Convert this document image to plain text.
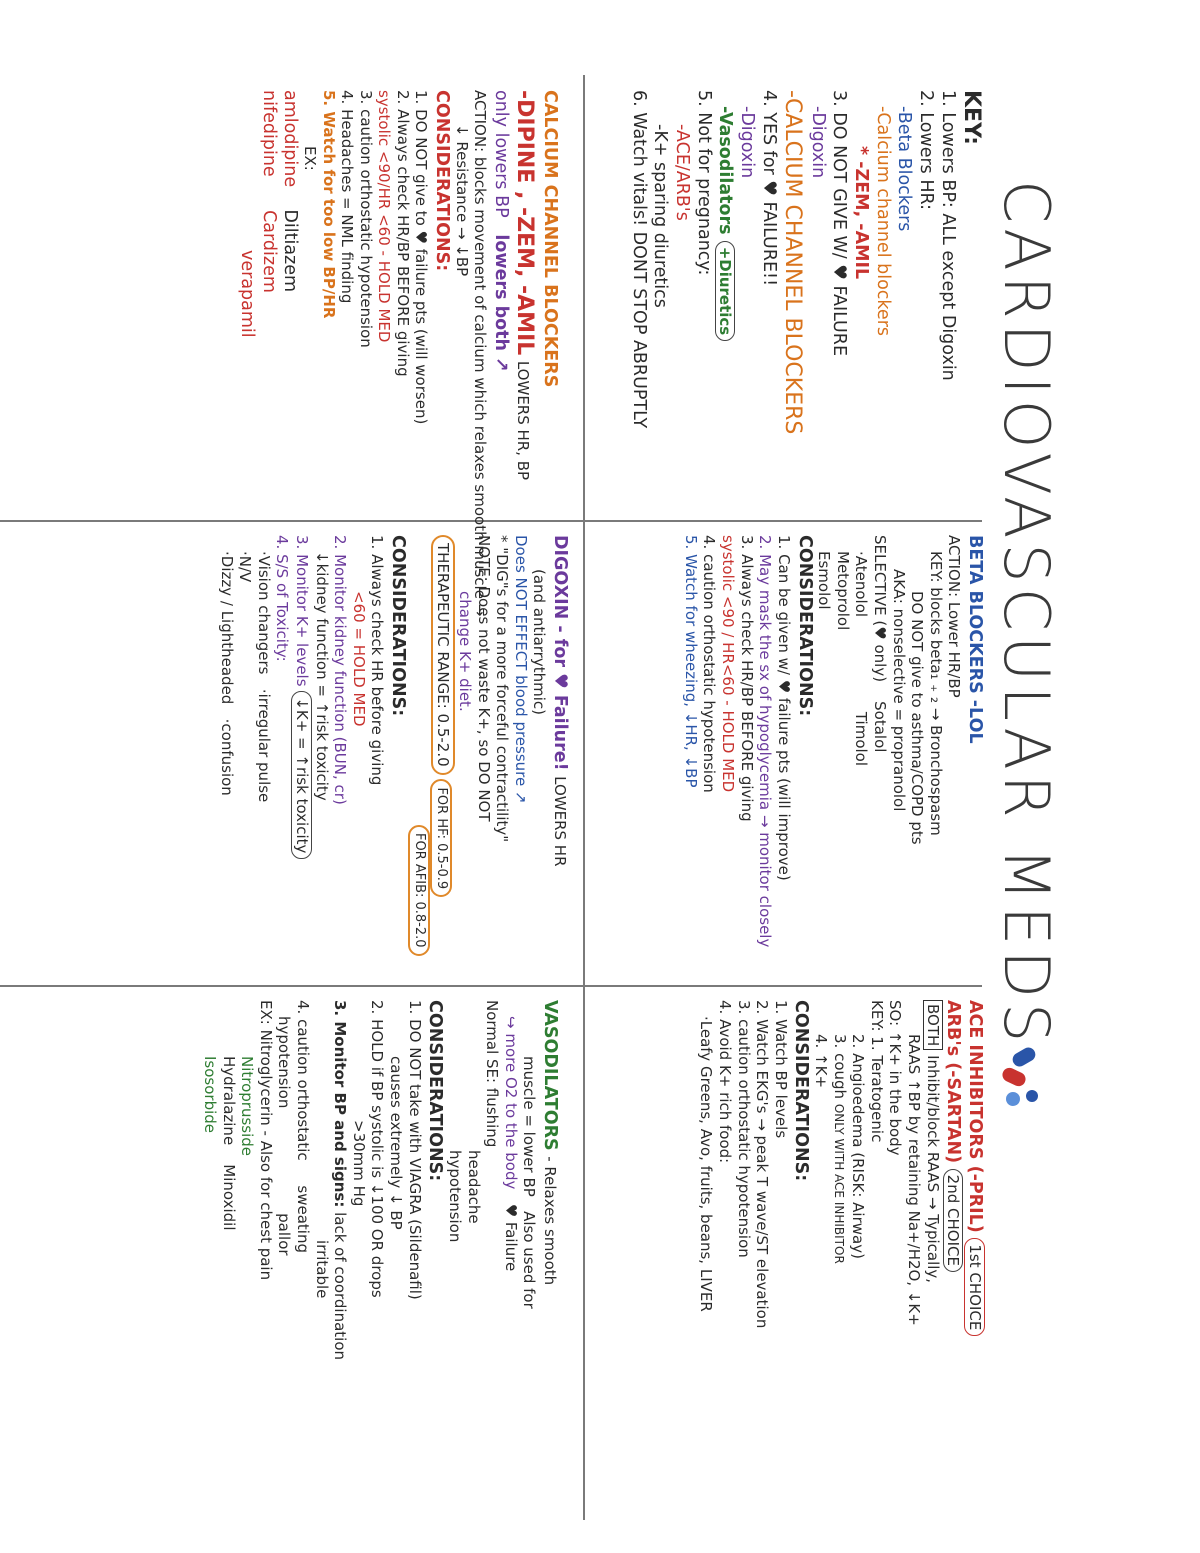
CARDIOVASCULAR MEDS
KEY:
1. Lowers BP: ALL except Digoxin
2. Lowers HR:
-Beta Blockers
-Calcium channel blockers
* -ZEM, -AMIL
3. DO NOT GIVE W/ ♥ FAILURE
-Digoxin
-CALCIUM CHANNEL BLOCKERS
4. YES for ♥ FAILURE!!
-Digoxin
-Vasodilators +Diuretics
5. Not for pregnancy:
-ACE/ARB's
-K+ sparing diuretics
6. Watch vitals! DONT STOP ABRUPTLY
CALCIUM CHANNEL BLOCKERS
-DIPINE , -ZEM, -AMIL LOWERS HR, BP
only lowers BP   lowers both ↗
ACTION: blocks movement of calcium which relaxes smooth muscle →
↓ Resistance → ↓BP
CONSIDERATIONS:
1. DO NOT give to ♥ failure pts (will worsen)
2. Always check HR/BP BEFORE giving
systolic <90/HR <60 - HOLD MED
3. caution orthostatic hypotension
4. Headaches = NML finding
5. Watch for too low BP/HR
EX:
amlodipine    Diltiazem
nifedipine      Cardizem
verapamil
BETA BLOCKERS -LOL
ACTION: Lower HR/BP
KEY: blocks beta₁ ₊ ₂ → Bronchospasm
DO NOT give to asthma/COPD pts
AKA: nonselective = propranolol
SELECTIVE (♥ only)    Sotalol
·Atenolol Timolol
Metoprolol
Esmolol
CONSIDERATIONS:
1. Can be given w/ ♥ failure pts (will improve)
2. May mask the sx of hypoglycemia → monitor closely
3. Always check HR/BP BEFORE giving
systolic <90 / HR<60 - HOLD MED
4. caution orthostatic hypotension
5. Watch for wheezing, ↓HR, ↓BP
DIGOXIN - for ♥ Failure! LOWERS HR
(and antiarrythmic)
Does NOT EFFECT blood pressure ↗
* "DIG"s for a more forceful contractility"
NOTE: Does not waste K+, so DO NOT
change K+ diet.
THERAPEUTIC RANGE: 0.5-2.0 FOR HF: 0.5-0.9
FOR AFIB: 0.8-2.0
CONSIDERATIONS:
1. Always check HR before giving
<60 = HOLD MED
2. Monitor kidney function (BUN, cr)
↓kidney function = ↑risk toxicity
3. Monitor K+ levels ↓K+ = ↑risk toxicity
4. S/S of Toxicity:
·Vision changers   ·irregular pulse
·N/V
·Dizzy / Lightheaded   ·confusion
ACE INHIBITORS (-PRIL) 1st CHOICE
ARB's (-SARTAN) 2nd CHOICE
BOTH Inhibit/block RAAS → Typically,
RAAS ↑BP by retaining Na+/H2O, ↓K+
SO: ↑K+ in the body
KEY: 1. Teratogenic
2. Angioedema (RISK: Airway)
3. cough ONLY WITH ACE INHIBITOR
4. ↑K+
CONSIDERATIONS:
1. Watch BP levels
2. Watch EKG's → peak T wave/ST elevation
3. caution orthostatic hypotension
4. Avoid K+ rich food:
·Leafy Greens, Avo, fruits, beans, LIVER
VASODILATORS - Relaxes smooth
muscle = lower BP   Also used for
↪ more O2 to the body   ♥ Failure
Normal SE: flushing
headache
hypotension
CONSIDERATIONS:
1. DO NOT take with VIAGRA (Sildenafil)
causes extremely ↓ BP
2. HOLD if BP systolic is ↓100 OR drops
>30mm Hg
3. Monitor BP and signs: lack of coordination
irritable
4. caution orthostatic sweating
hypotension pallor
EX: Nitroglycerin - Also for chest pain
Nitroprusside
Hydralazine    Minoxidil
Isosorbide
